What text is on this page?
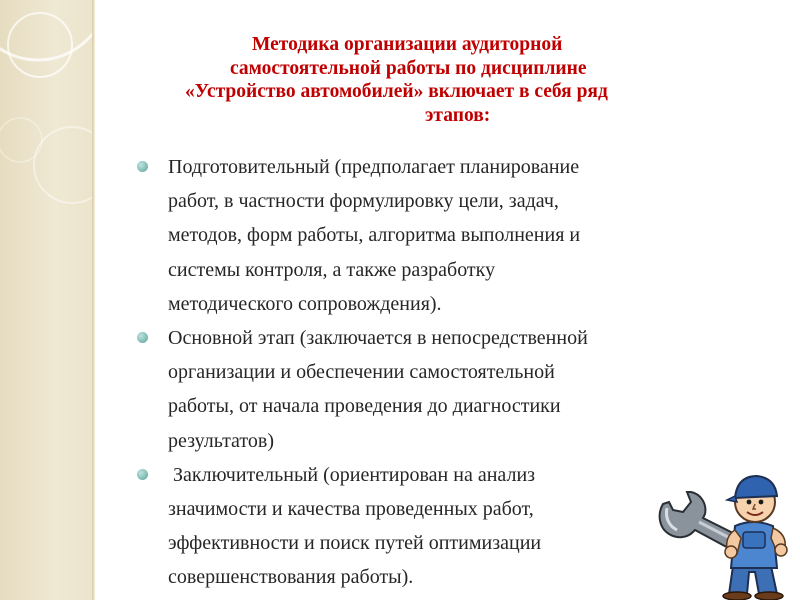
Методика организации аудиторной
самостоятельной работы по дисциплине
«Устройство автомобилей» включает в себя ряд
этапов:
Подготовительный (предполагает планирование
работ, в частности формулировку цели, задач,
методов, форм работы, алгоритма выполнения и
системы контроля, а также разработку
методического сопровождения).
Основной этап (заключается в непосредственной
организации и обеспечении самостоятельной
работы, от начала проведения до диагностики
результатов)
Заключительный (ориентирован на анализ
значимости и качества проведенных работ,
эффективности и поиск путей оптимизации
совершенствования работы).
